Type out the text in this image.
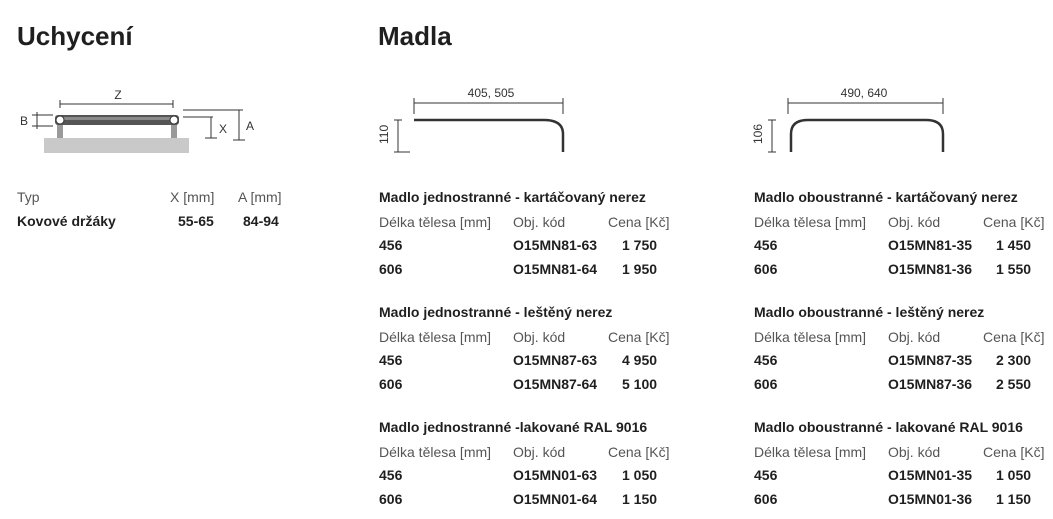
Uchycení	Madla
Z
B
X A
Typ	X [mm] A [mm]
Kovové držáky	55-65 84-94
405, 505
110
490, 640
106
Madlo jednostranné - kartáčovaný nerez
Délka tělesa [mm] Obj. kód	Cena [Kč]
456	O15MN81-63 1 750
606	O15MN81-64 1 950
Madlo oboustranné - kartáčovaný nerez
Délka tělesa [mm] Obj. kód	Cena [Kč]
456	O15MN81-35 1 450
606	O15MN81-36 1 550
Madlo jednostranné - leštěný nerez
Délka tělesa [mm] Obj. kód	Cena [Kč]
456	O15MN87-63 4 950
606	O15MN87-64 5 100
Madlo oboustranné - leštěný nerez
Délka tělesa [mm] Obj. kód	Cena [Kč]
456	O15MN87-35 2 300
606	O15MN87-36 2 550
Madlo jednostranné -lakované RAL 9016
Délka tělesa [mm] Obj. kód	Cena [Kč]
456	O15MN01-63 1 050
606	O15MN01-64 1 150
Madlo oboustranné - lakované RAL 9016
Délka tělesa [mm] Obj. kód	Cena [Kč]
456	O15MN01-35 1 050
606	O15MN01-36 1 150
